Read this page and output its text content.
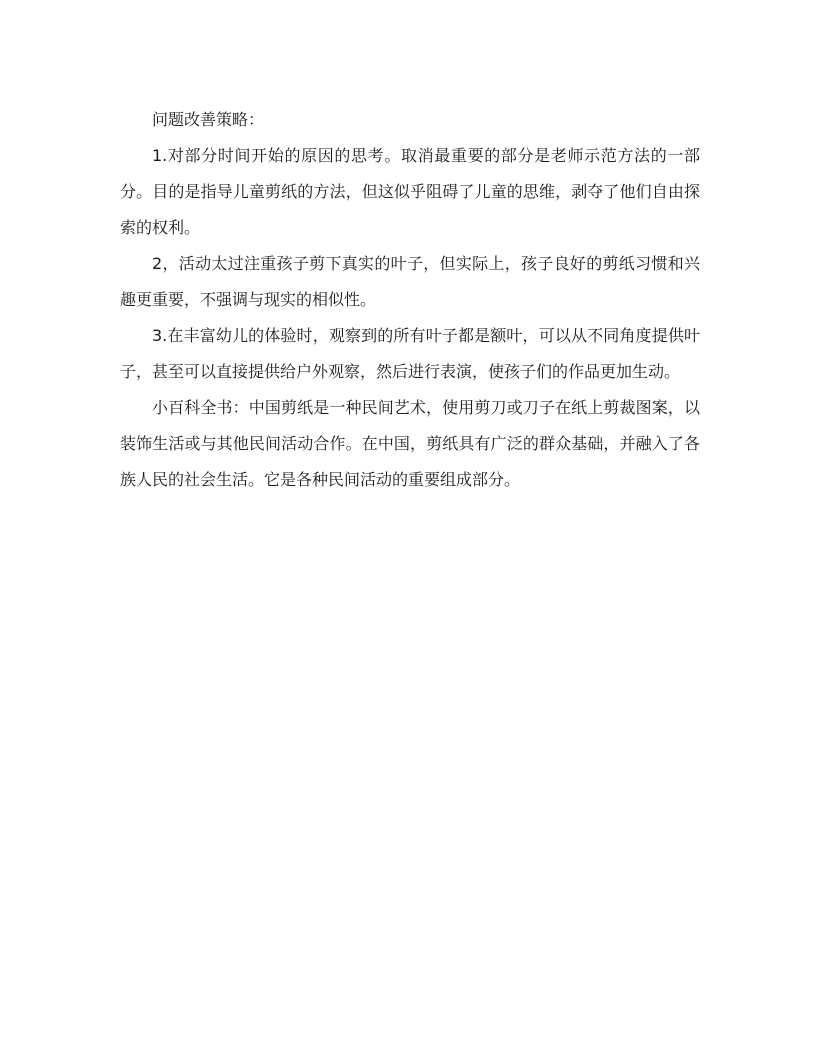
问题改善策略：

1.对部分时间开始的原因的思考。取消最重要的部分是老师示范方法的一部分。目的是指导儿童剪纸的方法，但这似乎阻碍了儿童的思维，剥夺了他们自由探索的权利。

2，活动太过注重孩子剪下真实的叶子，但实际上，孩子良好的剪纸习惯和兴趣更重要，不强调与现实的相似性。

3.在丰富幼儿的体验时，观察到的所有叶子都是额叶，可以从不同角度提供叶子，甚至可以直接提供给户外观察，然后进行表演，使孩子们的作品更加生动。

小百科全书：中国剪纸是一种民间艺术，使用剪刀或刀子在纸上剪裁图案，以装饰生活或与其他民间活动合作。在中国，剪纸具有广泛的群众基础，并融入了各族人民的社会生活。它是各种民间活动的重要组成部分。
